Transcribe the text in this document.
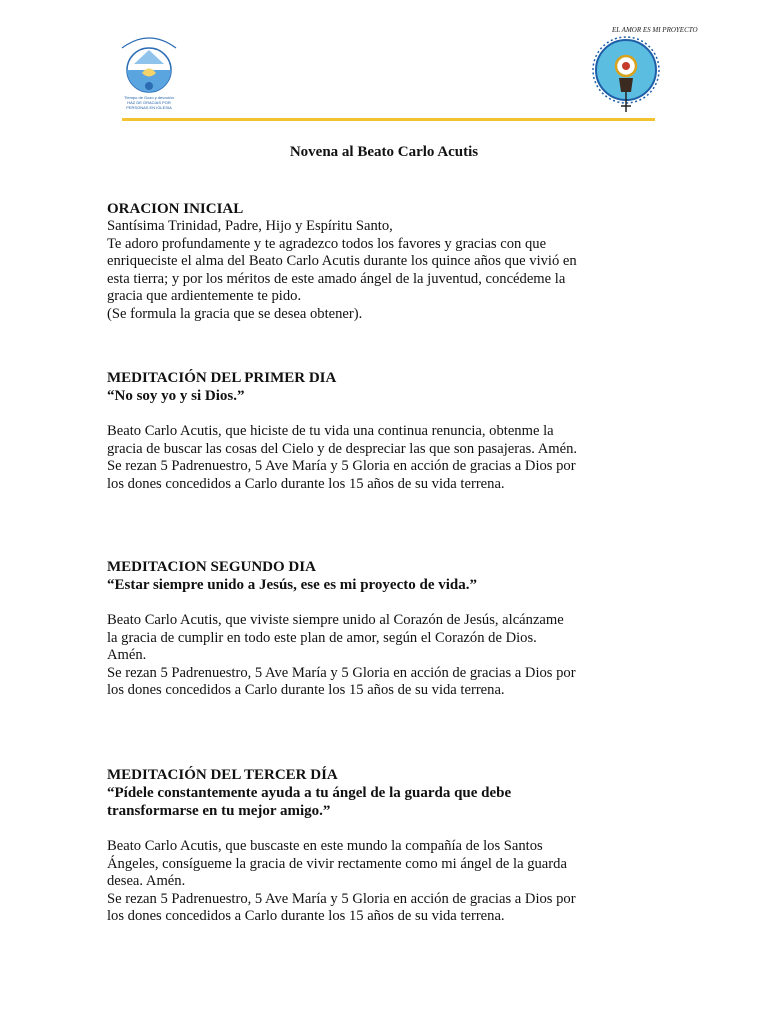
Tiempo de Gozo y devoción
HAZ DE GRACIAS POR
PERSONAS EN IGLESIA
EL AMOR ES MI PROYECTO
Novena al Beato Carlo Acutis
ORACION INICIAL
Santísima Trinidad, Padre, Hijo y Espíritu Santo,
Te adoro profundamente y te agradezco todos los favores y gracias con que
enriqueciste el alma del Beato Carlo Acutis durante los quince años que vivió en
esta tierra; y por los méritos de este amado ángel de la juventud, concédeme la
gracia que ardientemente te pido.
(Se formula la gracia que se desea obtener).
MEDITACIÓN DEL PRIMER DIA
“No soy yo y si Dios.”
Beato Carlo Acutis, que hiciste de tu vida una continua renuncia, obtenme la
gracia de buscar las cosas del Cielo y de despreciar las que son pasajeras. Amén.
Se rezan 5 Padrenuestro, 5 Ave María y 5 Gloria en acción de gracias a Dios por
los dones concedidos a Carlo durante los 15 años de su vida terrena.
MEDITACION SEGUNDO DIA
“Estar siempre unido a Jesús, ese es mi proyecto de vida.”
Beato Carlo Acutis, que viviste siempre unido al Corazón de Jesús, alcánzame
la gracia de cumplir en todo este plan de amor, según el Corazón de Dios.
Amén.
Se rezan 5 Padrenuestro, 5 Ave María y 5 Gloria en acción de gracias a Dios por
los dones concedidos a Carlo durante los 15 años de su vida terrena.
MEDITACIÓN DEL TERCER DÍA
“Pídele constantemente ayuda a tu ángel de la guarda que debe
transformarse en tu mejor amigo.”
Beato Carlo Acutis, que buscaste en este mundo la compañía de los Santos
Ángeles, consígueme la gracia de vivir rectamente como mi ángel de la guarda
desea. Amén.
Se rezan 5 Padrenuestro, 5 Ave María y 5 Gloria en acción de gracias a Dios por
los dones concedidos a Carlo durante los 15 años de su vida terrena.
